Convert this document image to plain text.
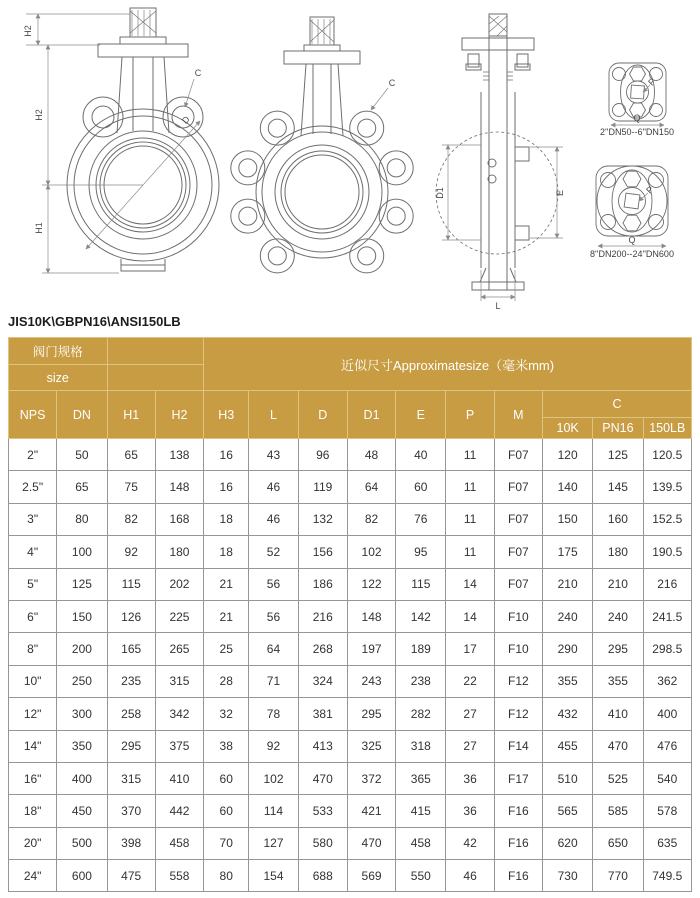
H2
H2
H1
C
D
C
D1	E
L
P
Q
2''DN50--6''DN150
P
Q
8''DN200--24''DN600
JIS10K\GBPN16\ANSI150LB
阀门规格				近似尺寸Approximatesize（毫米mm)									
size													
NPS	DN	H1	H2	H3	L	D	D1	E	P	M	C		
											10K	PN16	150LB
2"	50	65	138	16	43	96	48	40	11	F07	120	125	120.5
2.5"	65	75	148	16	46	119	64	60	11	F07	140	145	139.5
3"	80	82	168	18	46	132	82	76	11	F07	150	160	152.5
4"	100	92	180	18	52	156	102	95	11	F07	175	180	190.5
5"	125	115	202	21	56	186	122	115	14	F07	210	210	216
6"	150	126	225	21	56	216	148	142	14	F10	240	240	241.5
8"	200	165	265	25	64	268	197	189	17	F10	290	295	298.5
10"	250	235	315	28	71	324	243	238	22	F12	355	355	362
12"	300	258	342	32	78	381	295	282	27	F12	432	410	400
14"	350	295	375	38	92	413	325	318	27	F14	455	470	476
16"	400	315	410	60	102	470	372	365	36	F17	510	525	540
18"	450	370	442	60	114	533	421	415	36	F16	565	585	578
20"	500	398	458	70	127	580	470	458	42	F16	620	650	635
24"	600	475	558	80	154	688	569	550	46	F16	730	770	749.5
